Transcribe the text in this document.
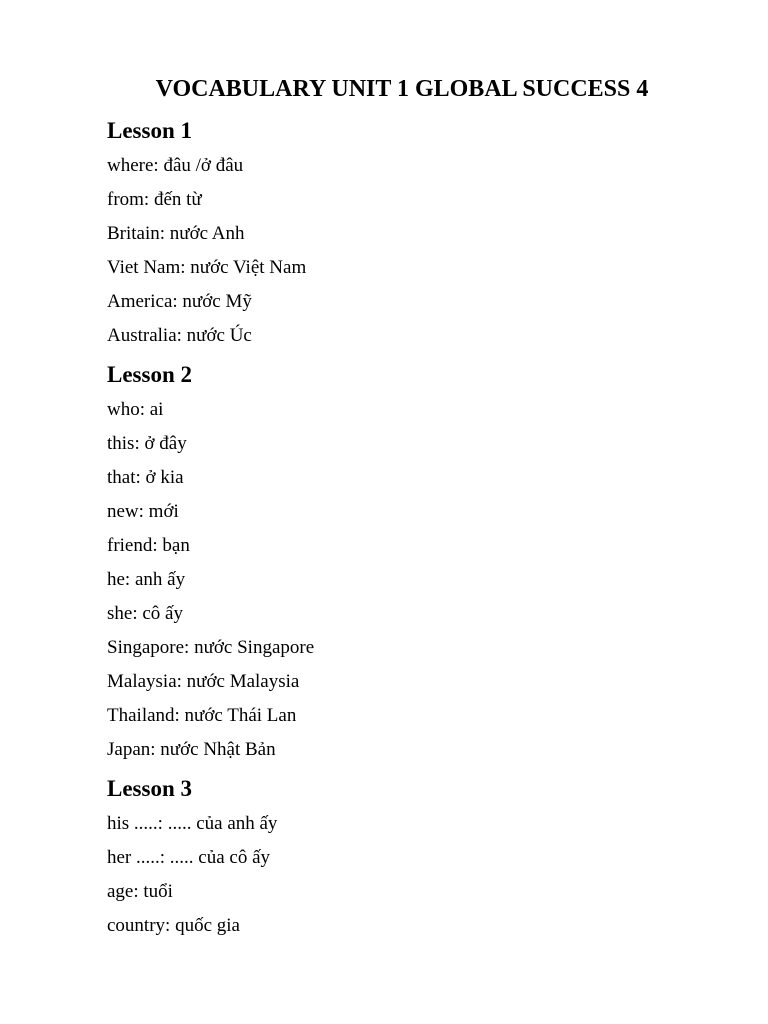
VOCABULARY UNIT 1 GLOBAL SUCCESS 4
Lesson 1
where: đâu /ở đâu
from: đến từ
Britain: nước Anh
Viet Nam: nước Việt Nam
America: nước Mỹ
Australia: nước Úc
Lesson 2
who: ai
this: ở đây
that: ở kia
new: mới
friend: bạn
he: anh ấy
she: cô ấy
Singapore: nước Singapore
Malaysia: nước Malaysia
Thailand: nước Thái Lan
Japan: nước Nhật Bản
Lesson 3
his .....: ..... của anh ấy
her .....: ..... của cô ấy
age: tuổi
country: quốc gia
